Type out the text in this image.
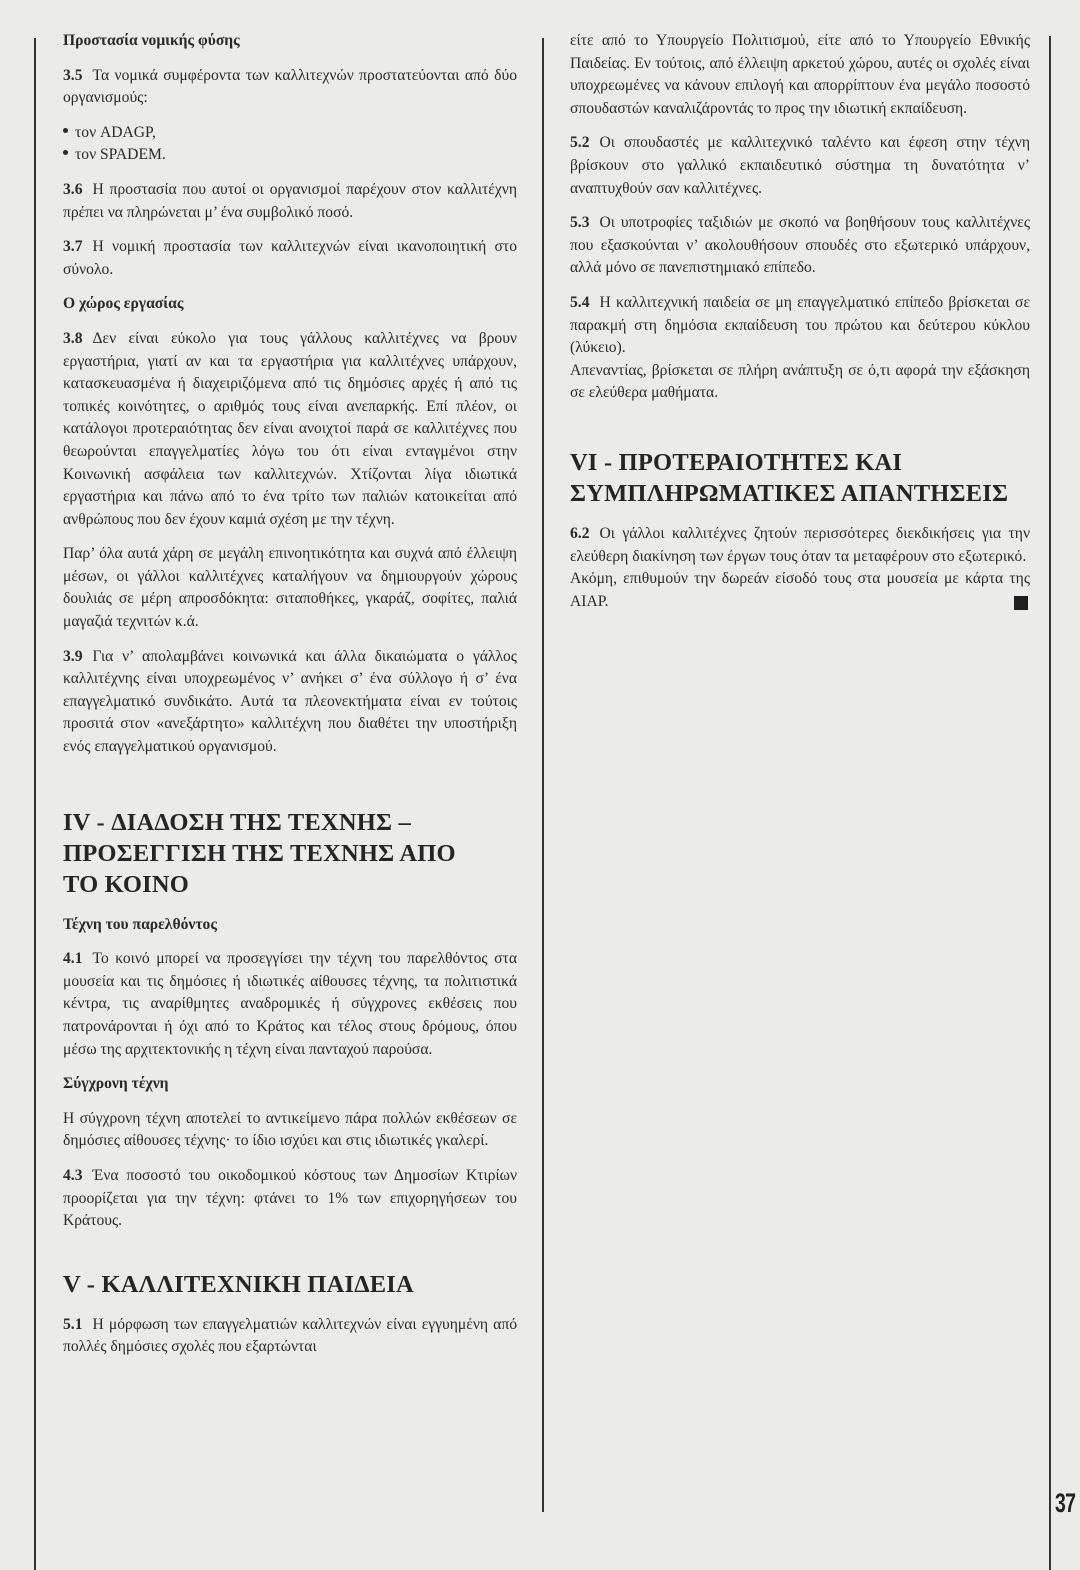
Προστασία νομικής φύσης

3.5 Τα νομικά συμφέροντα των καλλιτεχνών προστατεύονται από δύο οργανισμούς:

τον ADAGP,
τον SPADEM.

3.6 Η προστασία που αυτοί οι οργανισμοί παρέχουν στον καλλιτέχνη πρέπει να πληρώνεται μ’ ένα συμβολικό ποσό.

3.7 Η νομική προστασία των καλλιτεχνών είναι ικανοποιητική στο σύνολο.

Ο χώρος εργασίας

3.8 Δεν είναι εύκολο για τους γάλλους καλλιτέχνες να βρουν εργαστήρια, γιατί αν και τα εργαστήρια για καλλιτέχνες υπάρχουν, κατασκευασμένα ή διαχειριζόμενα από τις δημόσιες αρχές ή από τις τοπικές κοινότητες, ο αριθμός τους είναι ανεπαρκής. Επί πλέον, οι κατάλογοι προτεραιότητας δεν είναι ανοιχτοί παρά σε καλλιτέχνες που θεωρούνται επαγγελματίες λόγω του ότι είναι ενταγμένοι στην Κοινωνική ασφάλεια των καλλιτεχνών. Χτίζονται λίγα ιδιωτικά εργαστήρια και πάνω από το ένα τρίτο των παλιών κατοικείται από ανθρώπους που δεν έχουν καμιά σχέση με την τέχνη.

Παρ’ όλα αυτά χάρη σε μεγάλη επινοητικότητα και συχνά από έλλειψη μέσων, οι γάλλοι καλλιτέχνες καταλήγουν να δημιουργούν χώρους δουλιάς σε μέρη απροσδόκητα: σιταποθήκες, γκαράζ, σοφίτες, παλιά μαγαζιά τεχνιτών κ.ά.

3.9 Για ν’ απολαμβάνει κοινωνικά και άλλα δικαιώματα ο γάλλος καλλιτέχνης είναι υποχρεωμένος ν’ ανήκει σ’ ένα σύλλογο ή σ’ ένα επαγγελματικό συνδικάτο. Αυτά τα πλεονεκτήματα είναι εν τούτοις προσιτά στον «ανεξάρτητο» καλλιτέχνη που διαθέτει την υποστήριξη ενός επαγγελματικού οργανισμού.

IV - ΔΙΑΔΟΣΗ ΤΗΣ ΤΕΧΝΗΣ – ΠΡΟΣΕΓΓΙΣΗ ΤΗΣ ΤΕΧΝΗΣ ΑΠΟ ΤΟ ΚΟΙΝΟ
Τέχνη του παρελθόντος

4.1 Το κοινό μπορεί να προσεγγίσει την τέχνη του παρελθόντος στα μουσεία και τις δημόσιες ή ιδιωτικές αίθουσες τέχνης, τα πολιτιστικά κέντρα, τις αναρίθμητες αναδρομικές ή σύγχρονες εκθέσεις που πατρονάρονται ή όχι από το Κράτος και τέλος στους δρόμους, όπου μέσω της αρχιτεκτονικής η τέχνη είναι πανταχού παρούσα.

Σύγχρονη τέχνη

Η σύγχρονη τέχνη αποτελεί το αντικείμενο πάρα πολλών εκθέσεων σε δημόσιες αίθουσες τέχνης· το ίδιο ισχύει και στις ιδιωτικές γκαλερί.

4.3 Ένα ποσοστό του οικοδομικού κόστους των Δημοσίων Κτιρίων προορίζεται για την τέχνη: φτάνει το 1% των επιχορηγήσεων του Κράτους.

V - ΚΑΛΛΙΤΕΧΝΙΚΗ ΠΑΙΔΕΙΑ

5.1 Η μόρφωση των επαγγελματιών καλλιτεχνών είναι εγγυημένη από πολλές δημόσιες σχολές που εξαρτώνται

είτε από το Υπουργείο Πολιτισμού, είτε από το Υπουργείο Εθνικής Παιδείας. Εν τούτοις, από έλλειψη αρκετού χώρου, αυτές οι σχολές είναι υποχρεωμένες να κάνουν επιλογή και απορρίπτουν ένα μεγάλο ποσοστό σπουδαστών καναλιζάροντάς το προς την ιδιωτική εκπαίδευση.

5.2 Οι σπουδαστές με καλλιτεχνικό ταλέντο και έφεση στην τέχνη βρίσκουν στο γαλλικό εκπαιδευτικό σύστημα τη δυνατότητα ν’ αναπτυχθούν σαν καλλιτέχνες.

5.3 Οι υποτροφίες ταξιδιών με σκοπό να βοηθήσουν τους καλλιτέχνες που εξασκούνται ν’ ακολουθήσουν σπουδές στο εξωτερικό υπάρχουν, αλλά μόνο σε πανεπιστημιακό επίπεδο.

5.4 Η καλλιτεχνική παιδεία σε μη επαγγελματικό επίπεδο βρίσκεται σε παρακμή στη δημόσια εκπαίδευση του πρώτου και δεύτερου κύκλου (λύκειο).

Απεναντίας, βρίσκεται σε πλήρη ανάπτυξη σε ό,τι αφορά την εξάσκηση σε ελεύθερα μαθήματα.

VI - ΠΡΟΤΕΡΑΙΟΤΗΤΕΣ ΚΑΙ ΣΥΜΠΛΗΡΩΜΑΤΙΚΕΣ ΑΠΑΝΤΗΣΕΙΣ

6.2 Οι γάλλοι καλλιτέχνες ζητούν περισσότερες διεκδικήσεις για την ελεύθερη διακίνηση των έργων τους όταν τα μεταφέρουν στο εξωτερικό.

Ακόμη, επιθυμούν την δωρεάν είσοδό τους στα μουσεία με κάρτα της AIAP.

37
